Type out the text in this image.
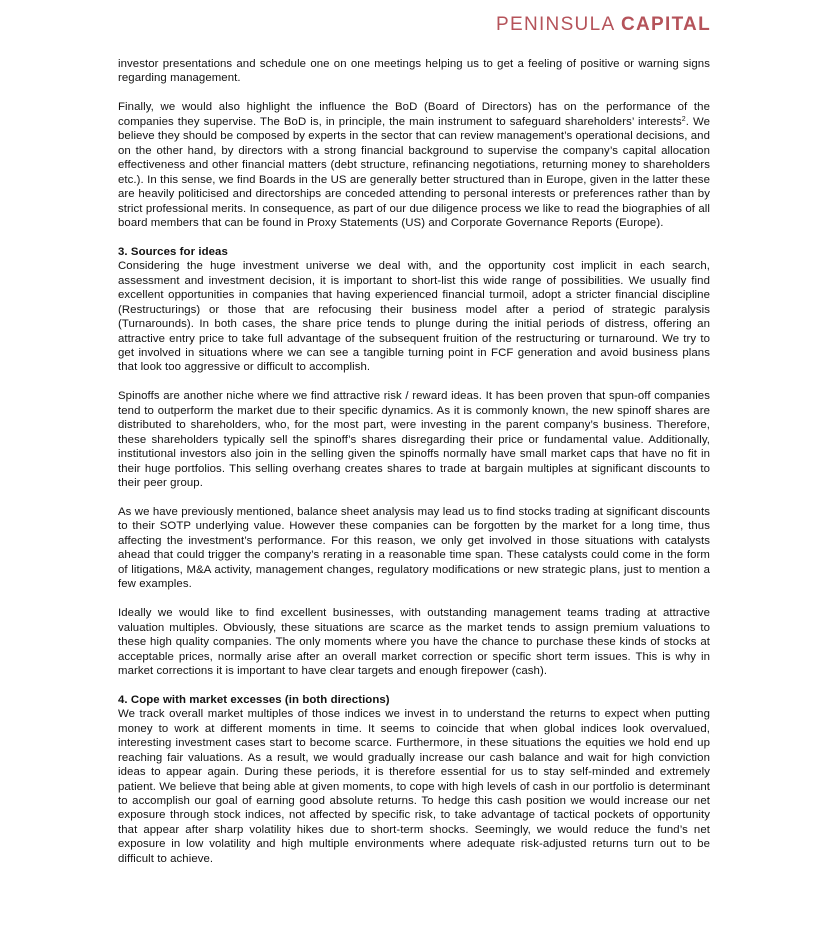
PENINSULA CAPITAL

investor presentations and schedule one on one meetings helping us to get a feeling of positive or warning signs regarding management.

Finally, we would also highlight the influence the BoD (Board of Directors) has on the performance of the companies they supervise. The BoD is, in principle, the main instrument to safeguard shareholders’ interests$^2$. We believe they should be composed by experts in the sector that can review management’s operational decisions, and on the other hand, by directors with a strong financial background to supervise the company’s capital allocation effectiveness and other financial matters (debt structure, refinancing negotiations, returning money to shareholders etc.). In this sense, we find Boards in the US are generally better structured than in Europe, given in the latter these are heavily politicised and directorships are conceded attending to personal interests or preferences rather than by strict professional merits. In consequence, as part of our due diligence process we like to read the biographies of all board members that can be found in Proxy Statements (US) and Corporate Governance Reports (Europe).

3. Sources for ideas

Considering the huge investment universe we deal with, and the opportunity cost implicit in each search, assessment and investment decision, it is important to short-list this wide range of possibilities. We usually find excellent opportunities in companies that having experienced financial turmoil, adopt a stricter financial discipline (Restructurings) or those that are refocusing their business model after a period of strategic paralysis (Turnarounds). In both cases, the share price tends to plunge during the initial periods of distress, offering an attractive entry price to take full advantage of the subsequent fruition of the restructuring or turnaround. We try to get involved in situations where we can see a tangible turning point in FCF generation and avoid business plans that look too aggressive or difficult to accomplish.

Spinoffs are another niche where we find attractive risk / reward ideas. It has been proven that spun-off companies tend to outperform the market due to their specific dynamics. As it is commonly known, the new spinoff shares are distributed to shareholders, who, for the most part, were investing in the parent company’s business. Therefore, these shareholders typically sell the spinoff’s shares disregarding their price or fundamental value. Additionally, institutional investors also join in the selling given the spinoffs normally have small market caps that have no fit in their huge portfolios. This selling overhang creates shares to trade at bargain multiples at significant discounts to their peer group.

As we have previously mentioned, balance sheet analysis may lead us to find stocks trading at significant discounts to their SOTP underlying value. However these companies can be forgotten by the market for a long time, thus affecting the investment’s performance. For this reason, we only get involved in those situations with catalysts ahead that could trigger the company’s rerating in a reasonable time span. These catalysts could come in the form of litigations, M&A activity, management changes, regulatory modifications or new strategic plans, just to mention a few examples.

Ideally we would like to find excellent businesses, with outstanding management teams trading at attractive valuation multiples. Obviously, these situations are scarce as the market tends to assign premium valuations to these high quality companies. The only moments where you have the chance to purchase these kinds of stocks at acceptable prices, normally arise after an overall market correction or specific short term issues. This is why in market corrections it is important to have clear targets and enough firepower (cash).

4. Cope with market excesses (in both directions)

We track overall market multiples of those indices we invest in to understand the returns to expect when putting money to work at different moments in time. It seems to coincide that when global indices look overvalued, interesting investment cases start to become scarce. Furthermore, in these situations the equities we hold end up reaching fair valuations. As a result, we would gradually increase our cash balance and wait for high conviction ideas to appear again. During these periods, it is therefore essential for us to stay self-minded and extremely patient. We believe that being able at given moments, to cope with high levels of cash in our portfolio is determinant to accomplish our goal of earning good absolute returns. To hedge this cash position we would increase our net exposure through stock indices, not affected by specific risk, to take advantage of tactical pockets of opportunity that appear after sharp volatility hikes due to short-term shocks. Seemingly, we would reduce the fund’s net exposure in low volatility and high multiple environments where adequate risk-adjusted returns turn out to be difficult to achieve.
